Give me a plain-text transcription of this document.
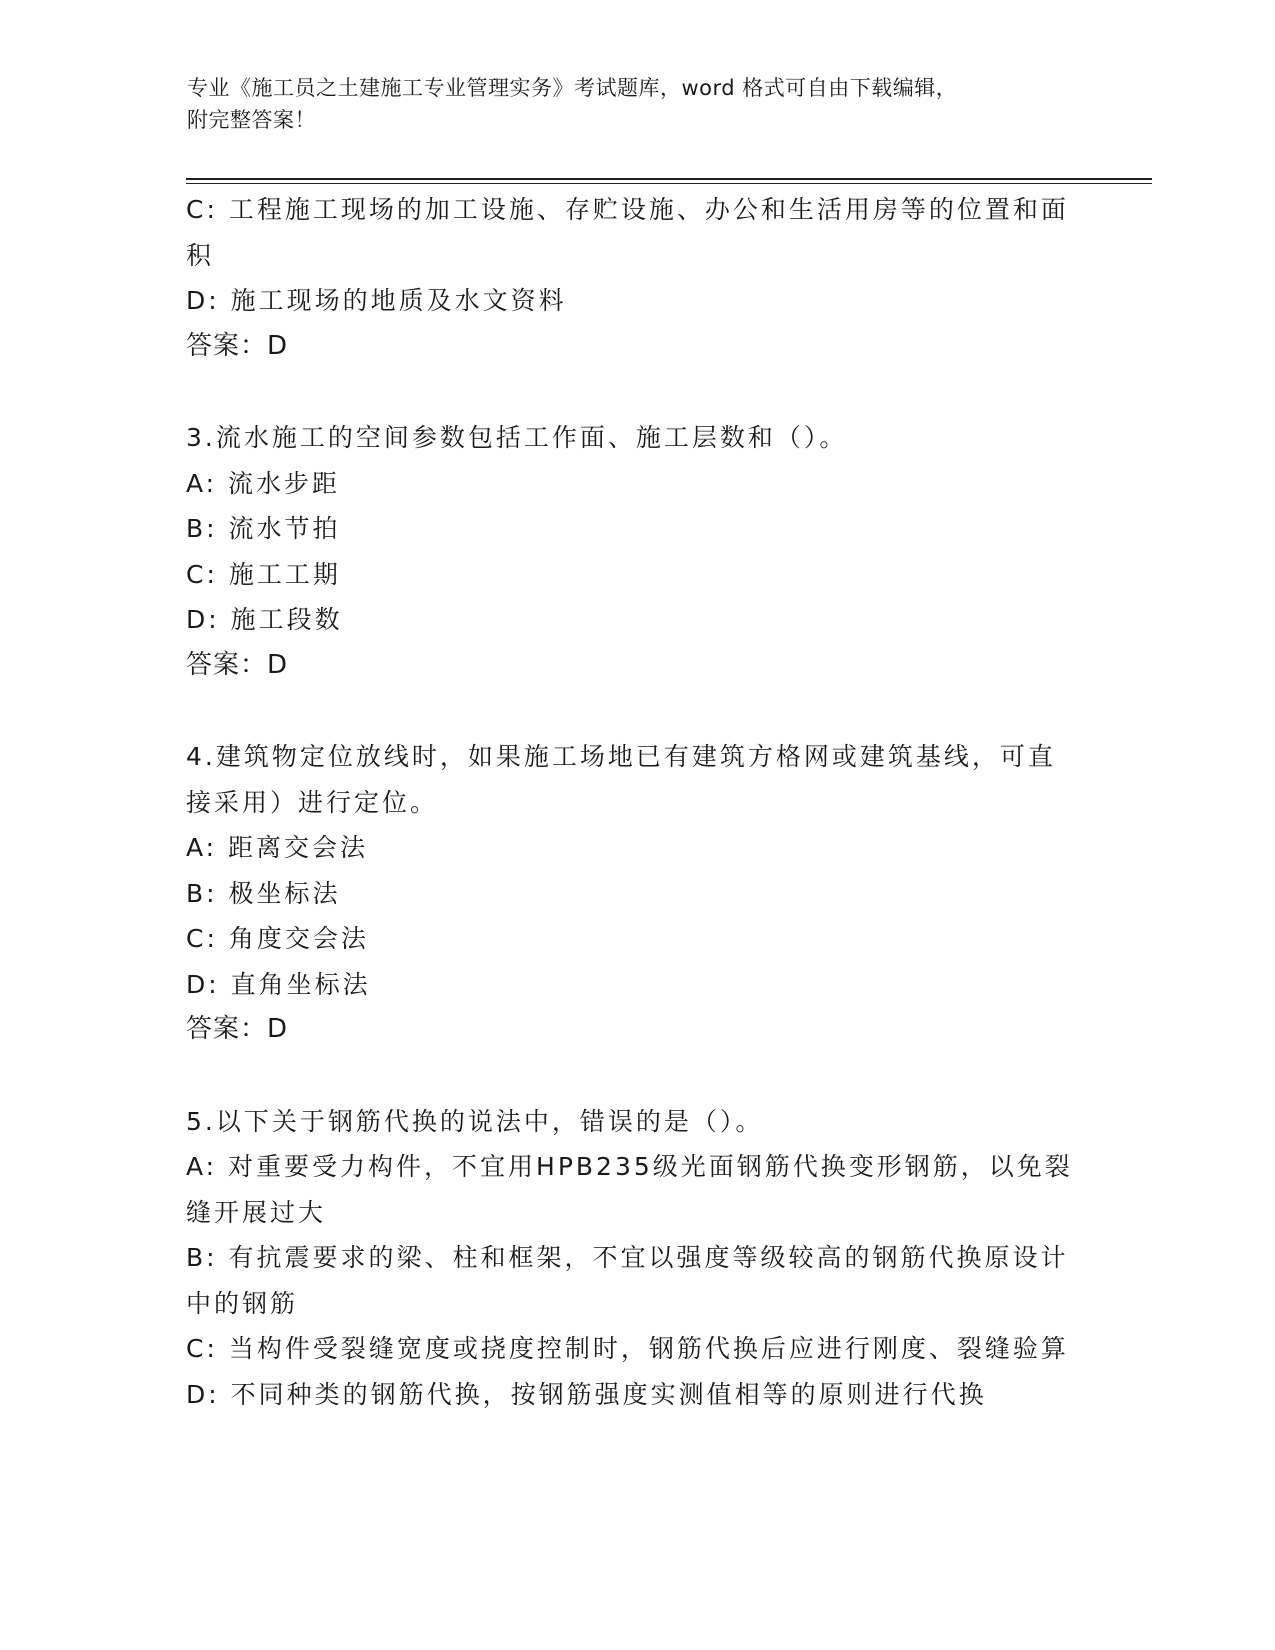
专业《施工员之土建施工专业管理实务》考试题库，word 格式可自由下载编辑，
附完整答案！

C: 工程施工现场的加工设施、存贮设施、办公和生活用房等的位置和面积

D: 施工现场的地质及水文资料

答案：D

3.流水施工的空间参数包括工作面、施工层数和（）。

A: 流水步距

B: 流水节拍

C: 施工工期

D: 施工段数

答案：D

4.建筑物定位放线时，如果施工场地已有建筑方格网或建筑基线，可直接采用）进行定位。

A: 距离交会法

B: 极坐标法

C: 角度交会法

D: 直角坐标法

答案：D

5.以下关于钢筋代换的说法中，错误的是（）。

A: 对重要受力构件，不宜用HPB235级光面钢筋代换变形钢筋，以免裂缝开展过大

B: 有抗震要求的梁、柱和框架，不宜以强度等级较高的钢筋代换原设计中的钢筋

C: 当构件受裂缝宽度或挠度控制时，钢筋代换后应进行刚度、裂缝验算

D: 不同种类的钢筋代换，按钢筋强度实测值相等的原则进行代换
